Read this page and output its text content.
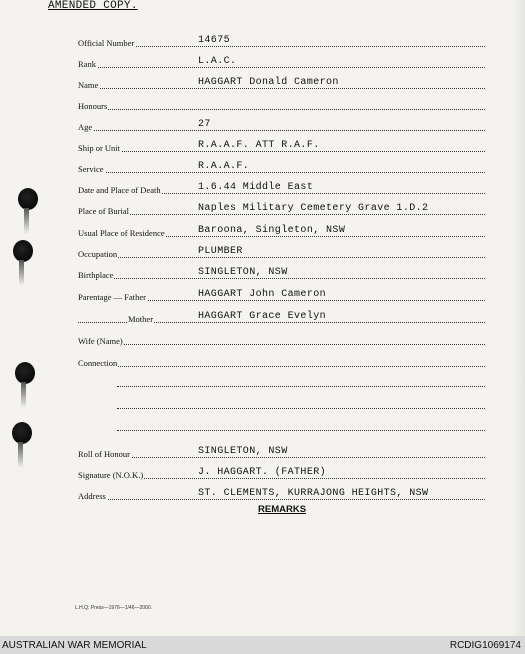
AMENDED COPY.
Official Number	14675
Rank	L.A.C.
Name	HAGGART Donald Cameron
Honours
Age	27
Ship or Unit	R.A.A.F. ATT R.A.F.
Service	R.A.A.F.
Date and Place of Death	1.6.44 Middle East
Place of Burial	Naples Military Cemetery Grave 1.D.2
Usual Place of Residence	Baroona, Singleton, NSW
Occupation	PLUMBER
Birthplace	SINGLETON, NSW
Parentage — Father	HAGGART John Cameron
Mother	HAGGART Grace Evelyn
Wife (Name)
Connection
Roll of Honour	SINGLETON, NSW
Signature (N.O.K.)	J. HAGGART. (FATHER)
Address	ST. CLEMENTS, KURRAJONG HEIGHTS, NSW
REMARKS
L.H.Q. Press—1976—1/46—2000.
AUSTRALIAN WAR MEMORIAL	RCDIG1069174
